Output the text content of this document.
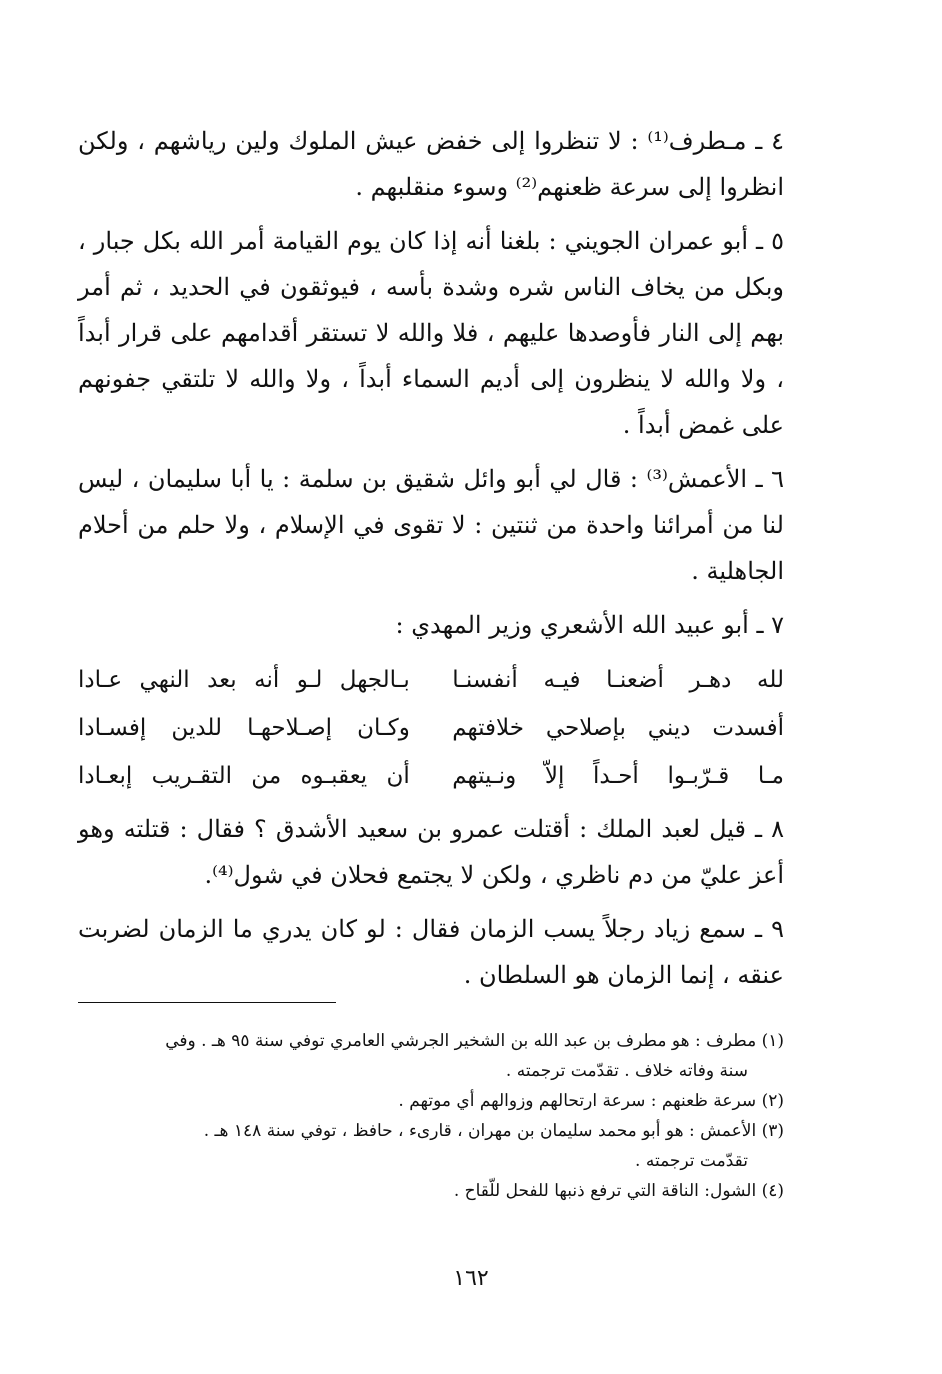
٤ ـ مـطرف⁽¹⁾ : لا تنظروا إلى خفض عيش الملوك ولين رياشهم ، ولكن انظروا إلى سرعة ظعنهم⁽²⁾ وسوء منقلبهم .

٥ ـ أبو عمران الجويني : بلغنا أنه إذا كان يوم القيامة أمر الله بكل جبار ، وبكل من يخاف الناس شره وشدة بأسه ، فيوثقون في الحديد ، ثم أمر بهم إلى النار فأوصدها عليهم ، فلا والله لا تستقر أقدامهم على قرار أبداً ، ولا والله لا ينظرون إلى أديم السماء أبداً ، ولا والله لا تلتقي جفونهم على غمض أبداً .

٦ ـ الأعمش⁽³⁾ : قال لي أبو وائل شقيق بن سلمة : يا أبا سليمان ، ليس لنا من أمرائنا واحدة من ثنتين : لا تقوى في الإسلام ، ولا حلم من أحلام الجاهلية .

٧ ـ أبو عبيد الله الأشعري وزير المهدي :

لله دهـر أضعنـا فيـه أنفسنـا
بـالجهل لـو أنه بعد النهي عـادا
أفسدت ديني بإصلاحي خلافتهم
وكـان إصـلاحهـا للدين إفسـادا
مـا قـرّبـوا أحـداً إلاّ ونـيتهم
أن يعقبـوه من التقـريب إبعـادا

٨ ـ قيل لعبد الملك : أقتلت عمرو بن سعيد الأشدق ؟ فقال : قتلته وهو أعز عليّ من دم ناظري ، ولكن لا يجتمع فحلان في شول⁽⁴⁾.

٩ ـ سمع زياد رجلاً يسب الزمان فقال : لو كان يدري ما الزمان لضربت عنقه ، إنما الزمان هو السلطان .

(١) مطرف : هو مطرف بن عبد الله بن الشخير الجرشي العامري توفي سنة ٩٥ هـ . وفي
سنة وفاته خلاف . تقدّمت ترجمته .

(٢) سرعة ظعنهم : سرعة ارتحالهم وزوالهم أي موتهم .

(٣) الأعمش : هو أبو محمد سليمان بن مهران ، قارىء ، حافظ ، توفي سنة ١٤٨ هـ .
تقدّمت ترجمته .

(٤) الشول: الناقة التي ترفع ذنبها للفحل للّقاح .

١٦٢
